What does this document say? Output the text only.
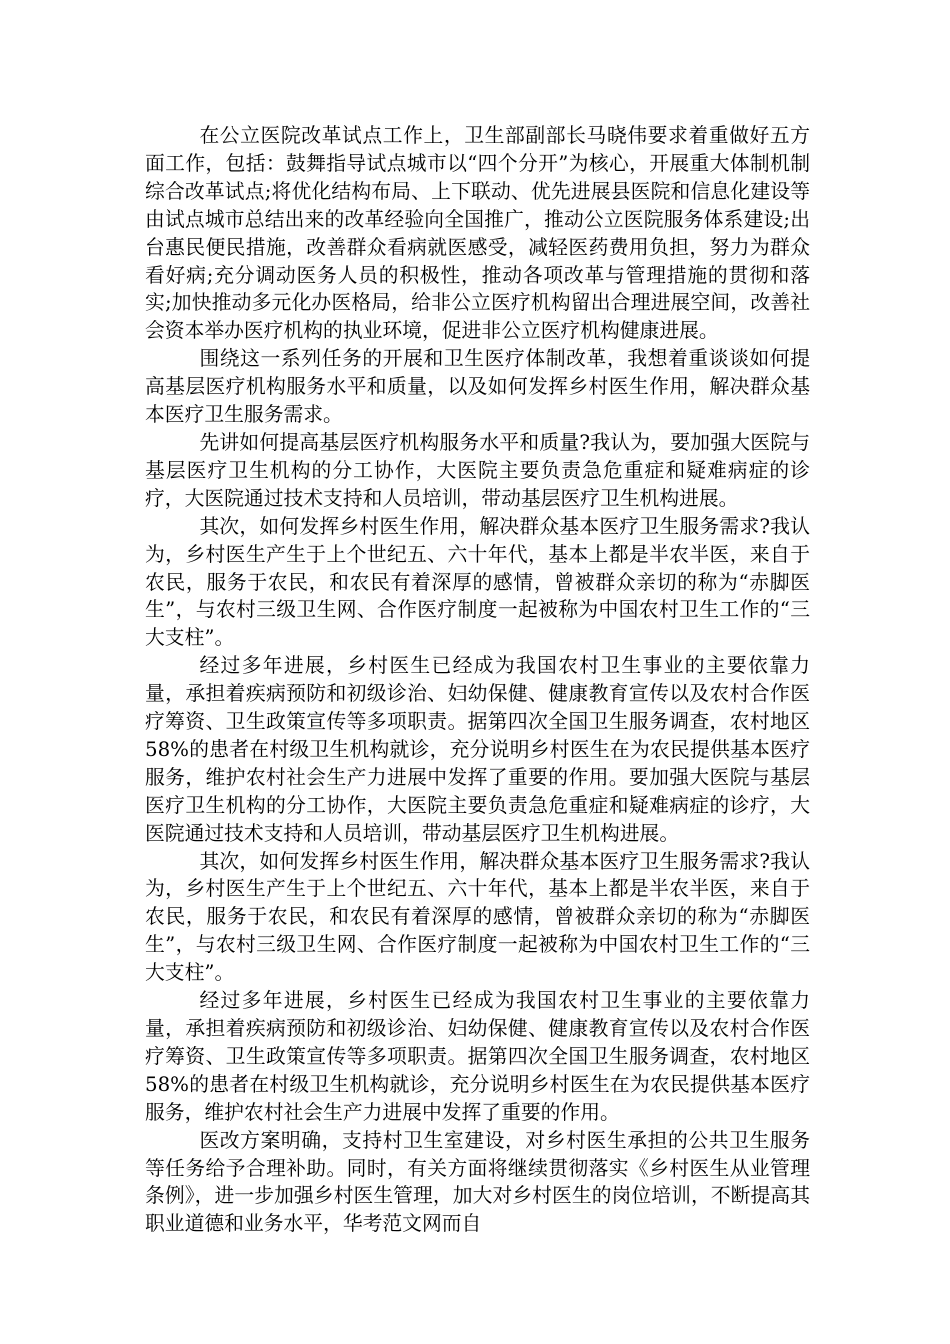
在公立医院改革试点工作上，卫生部副部长马晓伟要求着重做好五方面工作，包括：鼓舞指导试点城市以“四个分开”为核心，开展重大体制机制综合改革试点;将优化结构布局、上下联动、优先进展县医院和信息化建设等由试点城市总结出来的改革经验向全国推广，推动公立医院服务体系建设;出台惠民便民措施，改善群众看病就医感受，减轻医药费用负担，努力为群众看好病;充分调动医务人员的积极性，推动各项改革与管理措施的贯彻和落实;加快推动多元化办医格局，给非公立医疗机构留出合理进展空间，改善社会资本举办医疗机构的执业环境，促进非公立医疗机构健康进展。

围绕这一系列任务的开展和卫生医疗体制改革，我想着重谈谈如何提高基层医疗机构服务水平和质量，以及如何发挥乡村医生作用，解决群众基本医疗卫生服务需求。

先讲如何提高基层医疗机构服务水平和质量?我认为，要加强大医院与基层医疗卫生机构的分工协作，大医院主要负责急危重症和疑难病症的诊疗，大医院通过技术支持和人员培训，带动基层医疗卫生机构进展。

其次，如何发挥乡村医生作用，解决群众基本医疗卫生服务需求?我认为，乡村医生产生于上个世纪五、六十年代，基本上都是半农半医，来自于农民，服务于农民，和农民有着深厚的感情，曾被群众亲切的称为“赤脚医生”，与农村三级卫生网、合作医疗制度一起被称为中国农村卫生工作的“三大支柱”。

经过多年进展，乡村医生已经成为我国农村卫生事业的主要依靠力量，承担着疾病预防和初级诊治、妇幼保健、健康教育宣传以及农村合作医疗筹资、卫生政策宣传等多项职责。据第四次全国卫生服务调查，农村地区58%的患者在村级卫生机构就诊，充分说明乡村医生在为农民提供基本医疗服务，维护农村社会生产力进展中发挥了重要的作用。要加强大医院与基层医疗卫生机构的分工协作，大医院主要负责急危重症和疑难病症的诊疗，大医院通过技术支持和人员培训，带动基层医疗卫生机构进展。

其次，如何发挥乡村医生作用，解决群众基本医疗卫生服务需求?我认为，乡村医生产生于上个世纪五、六十年代，基本上都是半农半医，来自于农民，服务于农民，和农民有着深厚的感情，曾被群众亲切的称为“赤脚医生”，与农村三级卫生网、合作医疗制度一起被称为中国农村卫生工作的“三大支柱”。

经过多年进展，乡村医生已经成为我国农村卫生事业的主要依靠力量，承担着疾病预防和初级诊治、妇幼保健、健康教育宣传以及农村合作医疗筹资、卫生政策宣传等多项职责。据第四次全国卫生服务调查，农村地区58%的患者在村级卫生机构就诊，充分说明乡村医生在为农民提供基本医疗服务，维护农村社会生产力进展中发挥了重要的作用。

医改方案明确，支持村卫生室建设，对乡村医生承担的公共卫生服务等任务给予合理补助。同时，有关方面将继续贯彻落实《乡村医生从业管理条例》，进一步加强乡村医生管理，加大对乡村医生的岗位培训，不断提高其职业道德和业务水平，华考范文网而自
